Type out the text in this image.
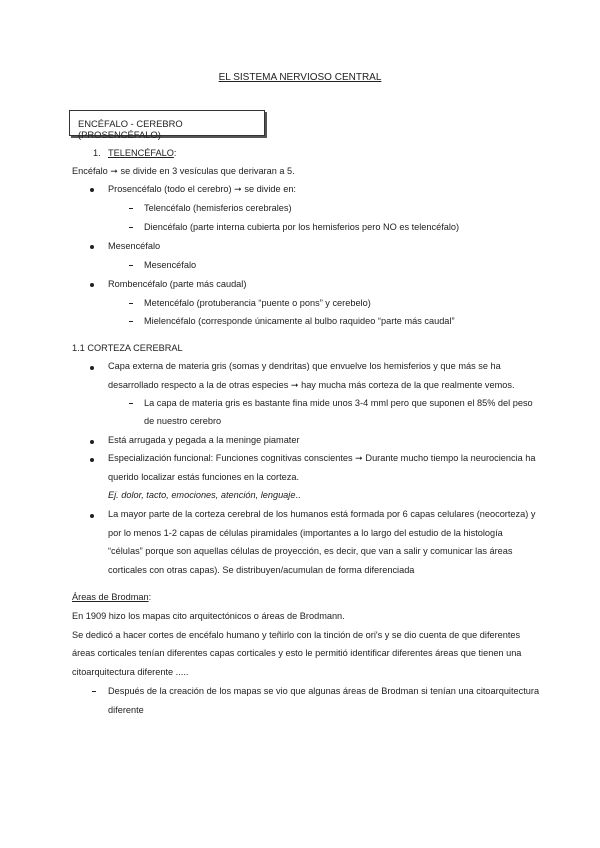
EL SISTEMA NERVIOSO CENTRAL
ENCÉFALO - CEREBRO (PROSENCÉFALO)
1. TELENCÉFALO:
Encéfalo ➞ se divide en 3 vesículas que derivaran a 5.
Prosencéfalo (todo el cerebro) ➞ se divide en:
Telencéfalo (hemisferios cerebrales)
Diencéfalo (parte interna cubierta por los hemisferios pero NO es telencéfalo)
Mesencéfalo
Mesencéfalo
Rombencéfalo (parte más caudal)
Metencéfalo (protuberancia “puente o pons” y cerebelo)
Mielencéfalo (corresponde únicamente al bulbo raquideo “parte más caudal”
1.1 CORTEZA CEREBRAL
Capa externa de materia gris (somas y dendritas) que envuelve los hemisferios y que más se ha
desarrollado respecto a la de otras especies ➞ hay mucha más corteza de la que realmente vemos.
La capa de materia gris es bastante fina mide unos 3-4 mml pero que suponen el 85% del peso
de nuestro cerebro
Está arrugada y pegada a la meninge piamater
Especialización funcional: Funciones cognitivas conscientes ➞ Durante mucho tiempo la neurociencia ha
querido localizar estás funciones en la corteza.
Ej. dolor, tacto, emociones, atención, lenguaje..
La mayor parte de la corteza cerebral de los humanos está formada por 6 capas celulares (neocorteza) y
por lo menos 1-2 capas de células piramidales (importantes a lo largo del estudio de la histología
“células” porque son aquellas células de proyección, es decir, que van a salir y comunicar las áreas
corticales con otras capas). Se distribuyen/acumulan de forma diferenciada
Áreas de Brodman:
En 1909 hizo los mapas cito arquitectónicos o áreas de Brodmann.
Se dedicó a hacer cortes de encéfalo humano y teñirlo con la tinción de ori's y se dio cuenta de que diferentes
áreas corticales tenían diferentes capas corticales y esto le permitió identificar diferentes áreas que tienen una
citoarquitectura diferente .....
Después de la creación de los mapas se vio que algunas áreas de Brodman si tenían una citoarquitectura
diferente
